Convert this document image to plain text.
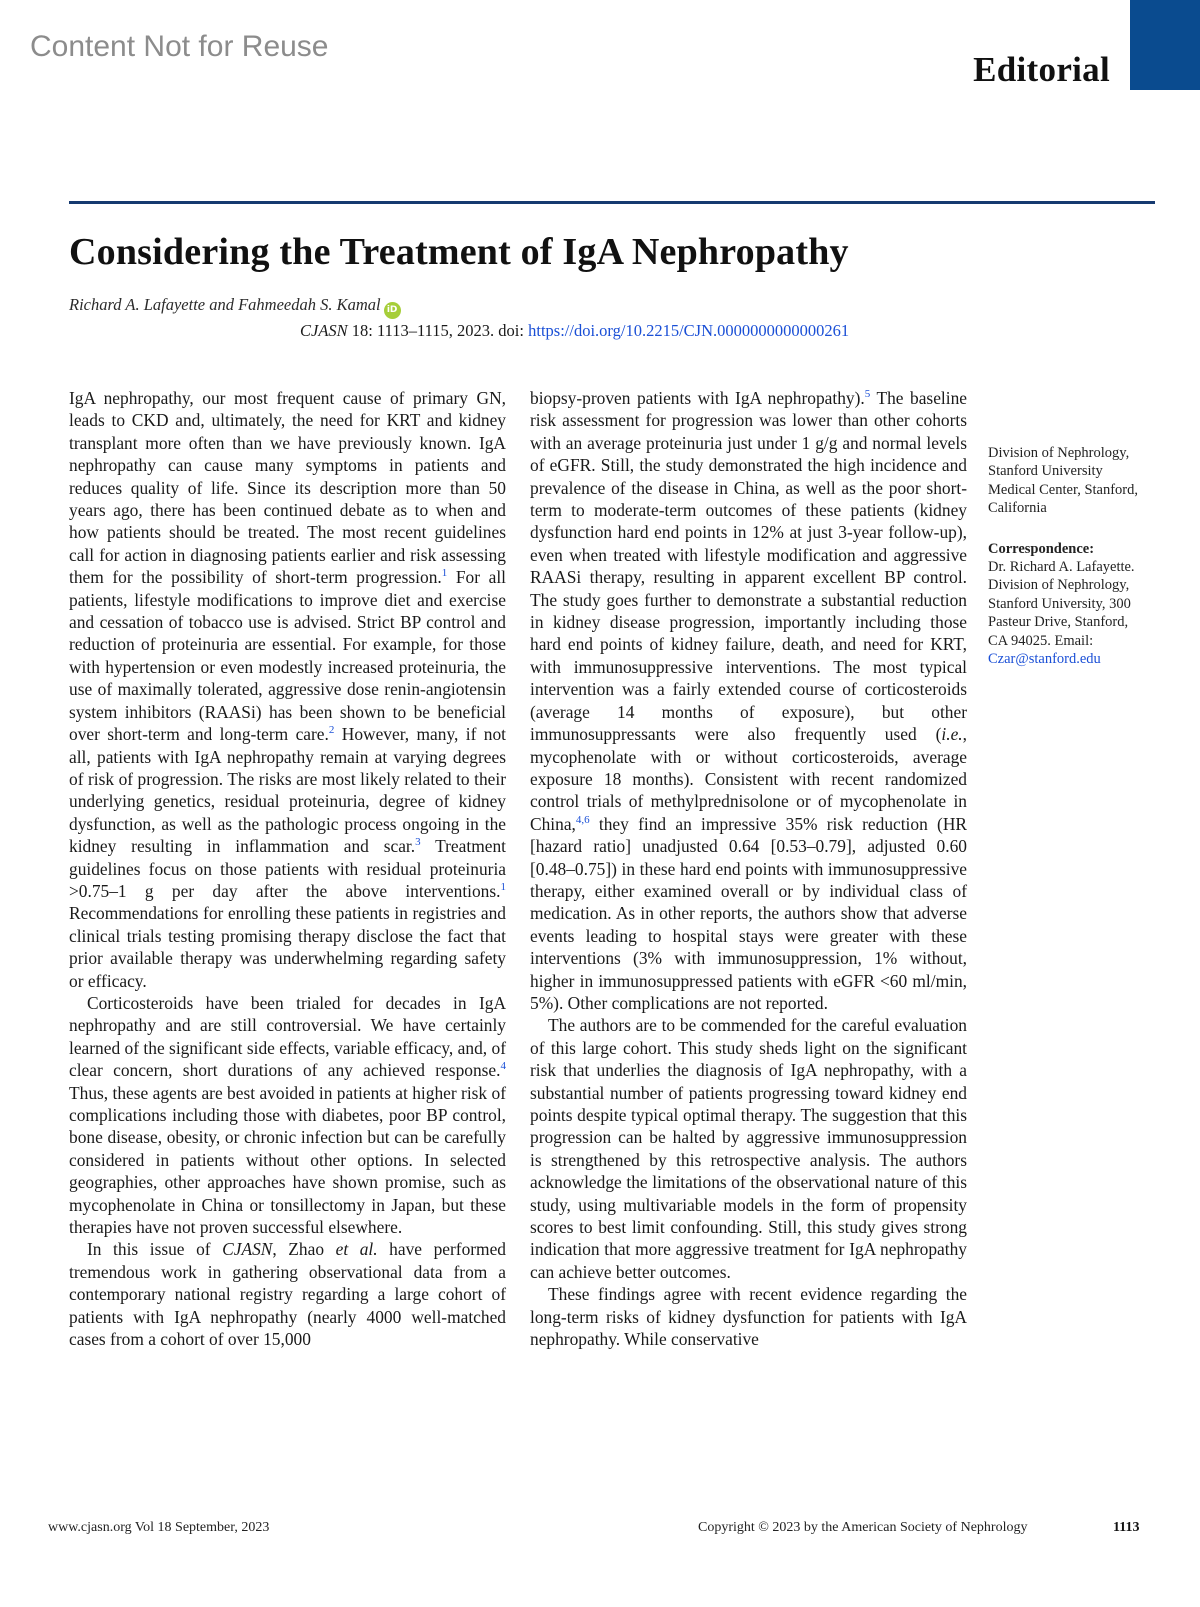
Content Not for Reuse
Editorial
Considering the Treatment of IgA Nephropathy
Richard A. Lafayette and Fahmeedah S. Kamal iD
CJASN 18: 1113–1115, 2023. doi: https://doi.org/10.2215/CJN.0000000000000261

IgA nephropathy, our most frequent cause of primary GN, leads to CKD and, ultimately, the need for KRT and kidney transplant more often than we have previously known. IgA nephropathy can cause many symptoms in patients and reduces quality of life. Since its description more than 50 years ago, there has been continued debate as to when and how patients should be treated. The most recent guidelines call for action in diagnosing patients earlier and risk assessing them for the possibility of short-term progression.$^1$ For all patients, lifestyle modifications to improve diet and exercise and cessation of tobacco use is advised. Strict BP control and reduction of proteinuria are essential. For example, for those with hypertension or even modestly increased proteinuria, the use of maximally tolerated, aggressive dose renin-angiotensin system inhibitors (RAASi) has been shown to be beneficial over short-term and long-term care.$^2$ However, many, if not all, patients with IgA nephropathy remain at varying degrees of risk of progression. The risks are most likely related to their underlying genetics, residual proteinuria, degree of kidney dysfunction, as well as the pathologic process ongoing in the kidney resulting in inflammation and scar.$^3$ Treatment guidelines focus on those patients with residual proteinuria >0.75–1 g per day after the above interventions.$^1$ Recommendations for enrolling these patients in registries and clinical trials testing promising therapy disclose the fact that prior available therapy was underwhelming regarding safety or efficacy.

Corticosteroids have been trialed for decades in IgA nephropathy and are still controversial. We have certainly learned of the significant side effects, variable efficacy, and, of clear concern, short durations of any achieved response.$^4$ Thus, these agents are best avoided in patients at higher risk of complications including those with diabetes, poor BP control, bone disease, obesity, or chronic infection but can be carefully considered in patients without other options. In selected geographies, other approaches have shown promise, such as mycophenolate in China or tonsillectomy in Japan, but these therapies have not proven successful elsewhere.

In this issue of CJASN, Zhao et al. have performed tremendous work in gathering observational data from a contemporary national registry regarding a large cohort of patients with IgA nephropathy (nearly 4000 well-matched cases from a cohort of over 15,000

biopsy-proven patients with IgA nephropathy).$^5$ The baseline risk assessment for progression was lower than other cohorts with an average proteinuria just under 1 g/g and normal levels of eGFR. Still, the study demonstrated the high incidence and prevalence of the disease in China, as well as the poor short-term to moderate-term outcomes of these patients (kidney dysfunction hard end points in 12% at just 3-year follow-up), even when treated with lifestyle modification and aggressive RAASi therapy, resulting in apparent excellent BP control. The study goes further to demonstrate a substantial reduction in kidney disease progression, importantly including those hard end points of kidney failure, death, and need for KRT, with immunosuppressive interventions. The most typical intervention was a fairly extended course of corticosteroids (average 14 months of exposure), but other immunosuppressants were also frequently used (i.e., mycophenolate with or without corticosteroids, average exposure 18 months). Consistent with recent randomized control trials of methylprednisolone or of mycophenolate in China,$^{4,6}$ they find an impressive 35% risk reduction (HR [hazard ratio] unadjusted 0.64 [0.53–0.79], adjusted 0.60 [0.48–0.75]) in these hard end points with immunosuppressive therapy, either examined overall or by individual class of medication. As in other reports, the authors show that adverse events leading to hospital stays were greater with these interventions (3% with immunosuppression, 1% without, higher in immunosuppressed patients with eGFR <60 ml/min, 5%). Other complications are not reported.

The authors are to be commended for the careful evaluation of this large cohort. This study sheds light on the significant risk that underlies the diagnosis of IgA nephropathy, with a substantial number of patients progressing toward kidney end points despite typical optimal therapy. The suggestion that this progression can be halted by aggressive immunosuppression is strengthened by this retrospective analysis. The authors acknowledge the limitations of the observational nature of this study, using multivariable models in the form of propensity scores to best limit confounding. Still, this study gives strong indication that more aggressive treatment for IgA nephropathy can achieve better outcomes.

These findings agree with recent evidence regarding the long-term risks of kidney dysfunction for patients with IgA nephropathy. While conservative

Division of Nephrology, Stanford University Medical Center, Stanford, California

Correspondence:
Dr. Richard A. Lafayette. Division of Nephrology, Stanford University, 300 Pasteur Drive, Stanford, CA 94025. Email: Czar@stanford.edu

www.cjasn.org Vol 18 September, 2023	Copyright © 2023 by the American Society of Nephrology	1113
